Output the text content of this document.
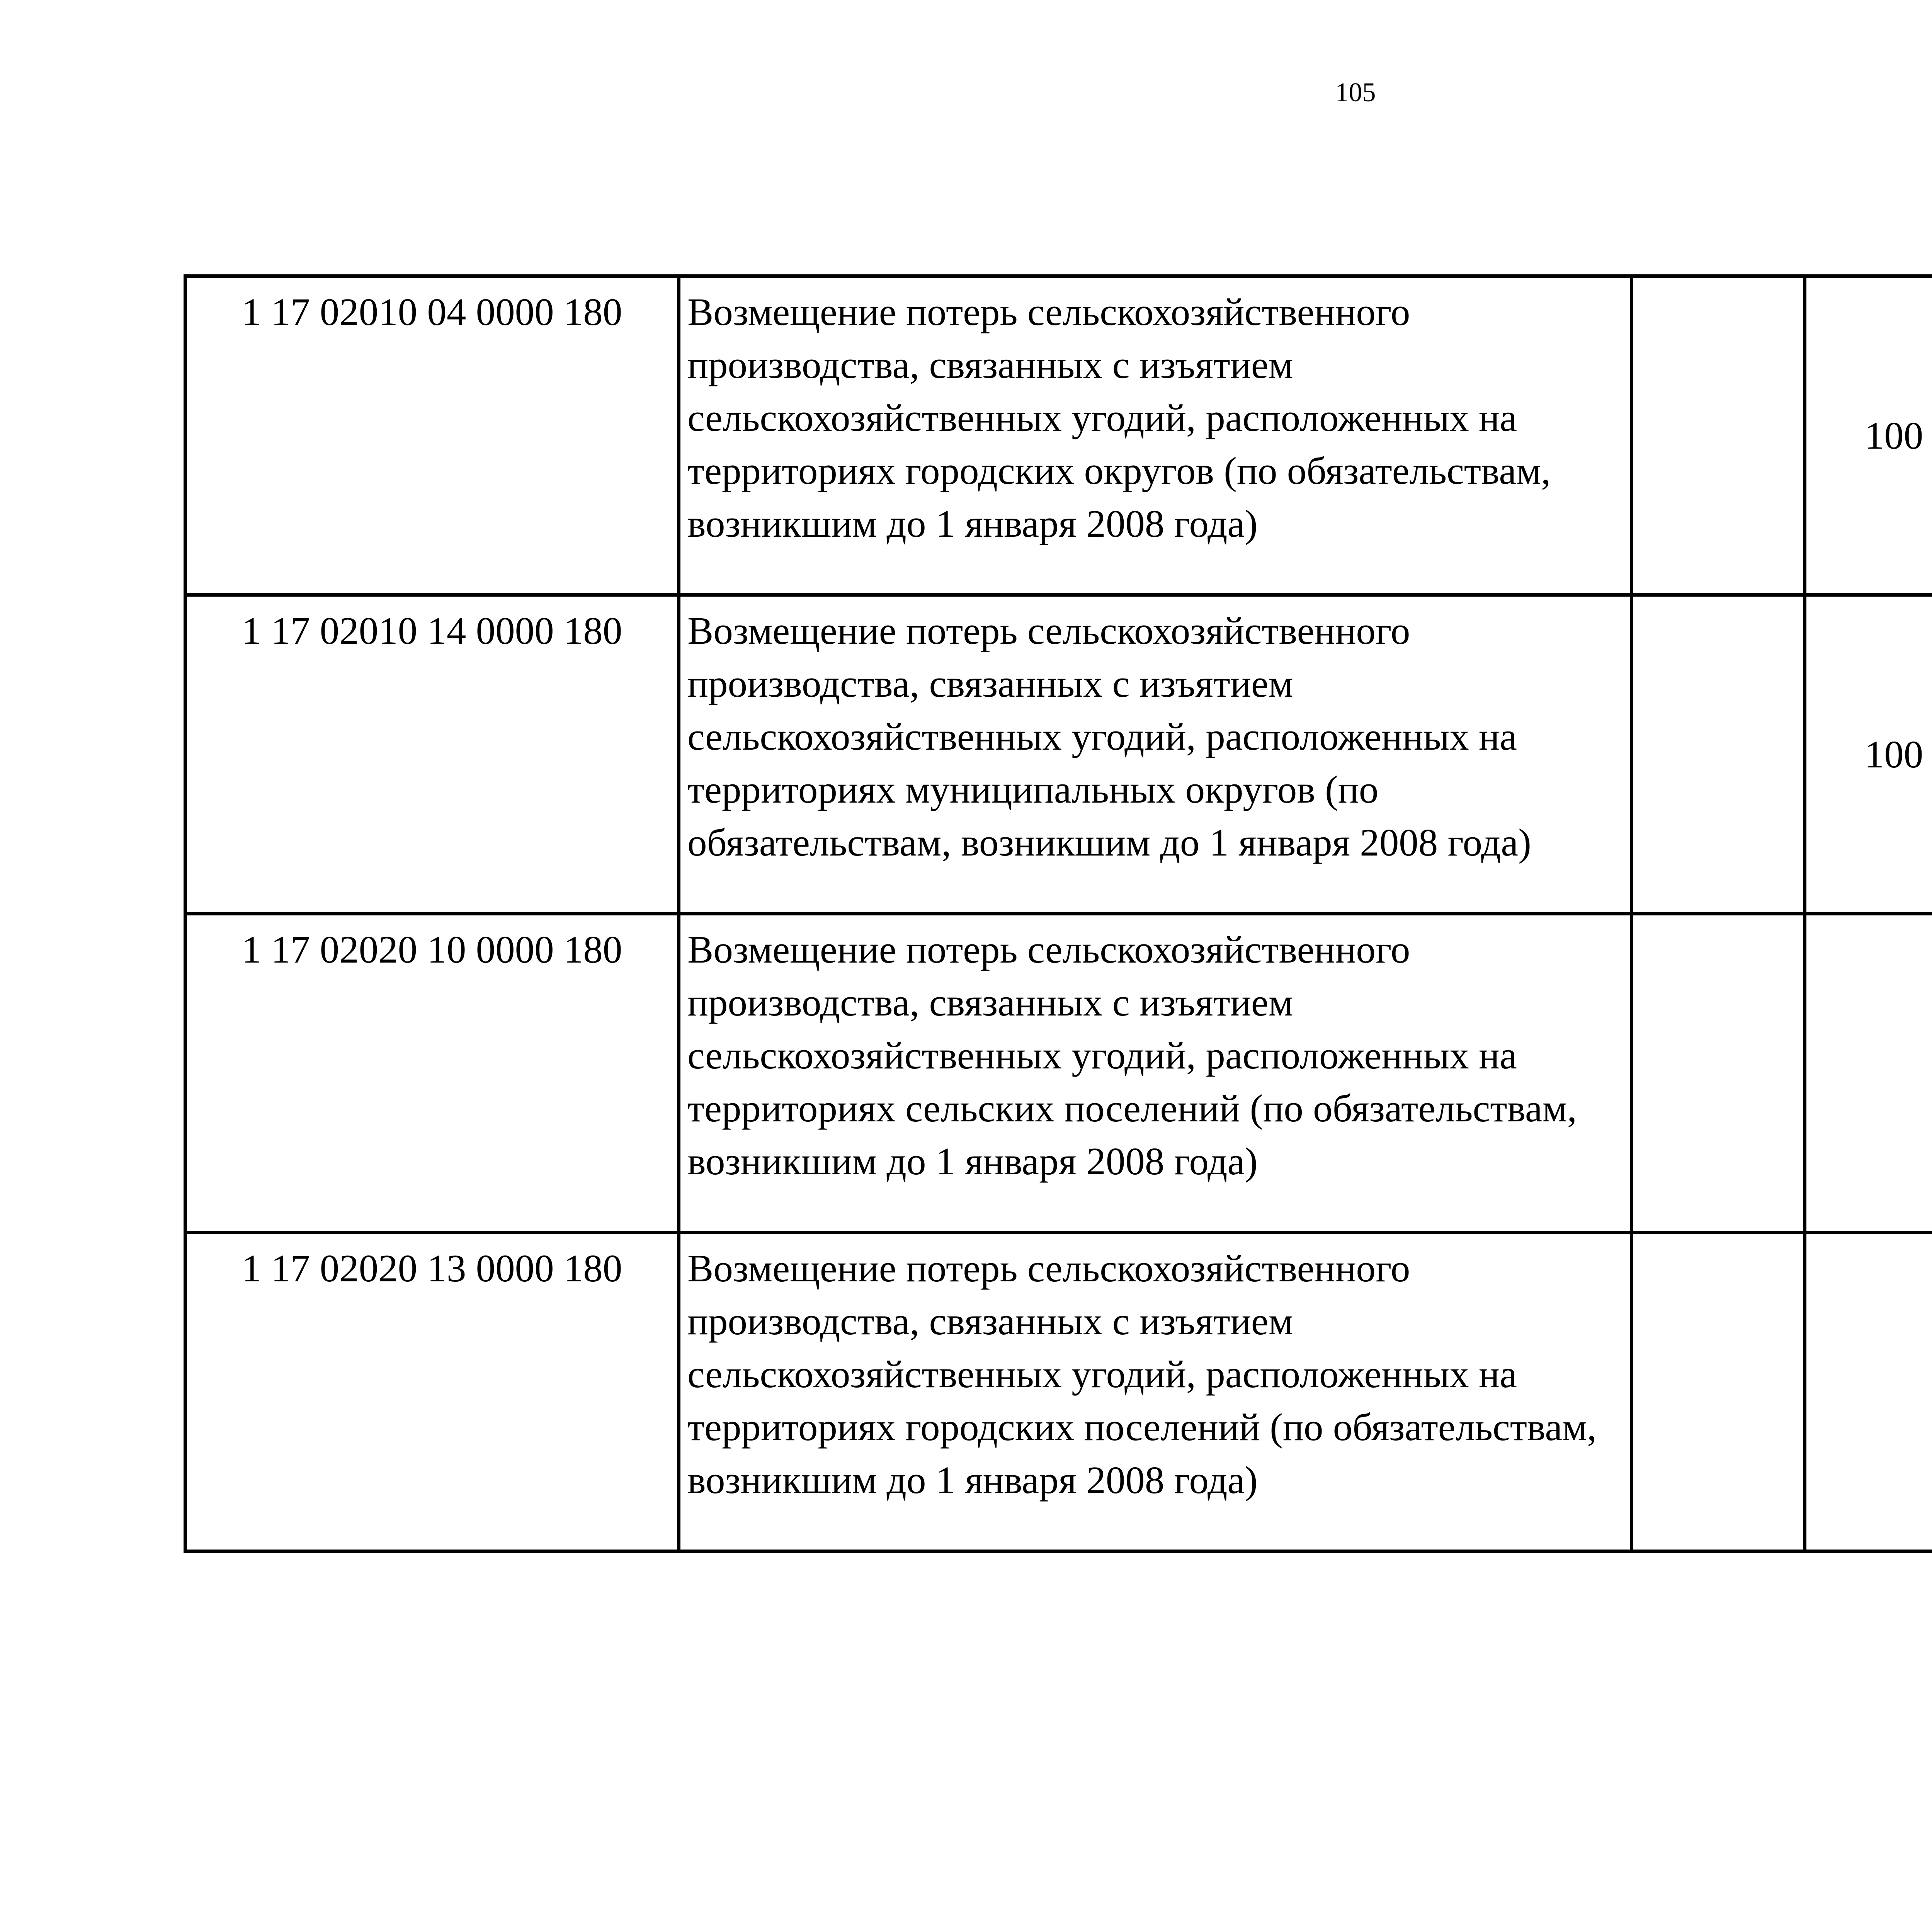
105
1 17 02010 04 0000 180	Возмещение потерь сельскохозяйственного производства, связанных с изъятием сельскохозяйственных угодий, расположенных на территориях городских округов (по обязательствам, возникшим до 1 января 2008 года)		100			
1 17 02010 14 0000 180	Возмещение потерь сельскохозяйственного производства, связанных с изъятием сельскохозяйственных угодий, расположенных на территориях муниципальных округов (по обязательствам, возникшим до 1 января 2008 года)		100			
1 17 02020 10 0000 180	Возмещение потерь сельскохозяйственного производства, связанных с изъятием сельскохозяйственных угодий, расположенных на территориях сельских поселений (по обязательствам, возникшим до 1 января 2008 года)					
1 17 02020 13 0000 180	Возмещение потерь сельскохозяйственного производства, связанных с изъятием сельскохозяйственных угодий, расположенных на территориях городских поселений (по обязательствам, возникшим до 1 января 2008 года)					
